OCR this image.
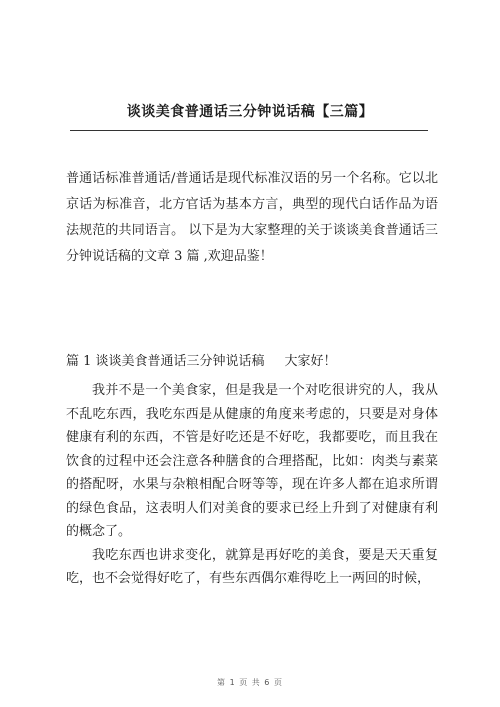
谈谈美食普通话三分钟说话稿【三篇】
普通话标准普通话/普通话是现代标准汉语的另一个名称。它以北京话为标准音，北方官话为基本方言，典型的现代白话作品为语法规范的共同语言。 以下是为大家整理的关于谈谈美食普通话三分钟说话稿的文章 3 篇 ,欢迎品鉴！
篇 1 谈谈美食普通话三分钟说话稿 大家好！

我并不是一个美食家，但是我是一个对吃很讲究的人，我从不乱吃东西，我吃东西是从健康的角度来考虑的，只要是对身体健康有利的东西，不管是好吃还是不好吃，我都要吃，而且我在饮食的过程中还会注意各种膳食的合理搭配，比如：肉类与素菜的搭配呀，水果与杂粮相配合呀等等，现在许多人都在追求所谓的绿色食品，这表明人们对美食的要求已经上升到了对健康有利的概念了。

我吃东西也讲求变化，就算是再好吃的美食，要是天天重复吃，也不会觉得好吃了，有些东西偶尔难得吃上一两回的时候，

第 1 页 共 6 页
